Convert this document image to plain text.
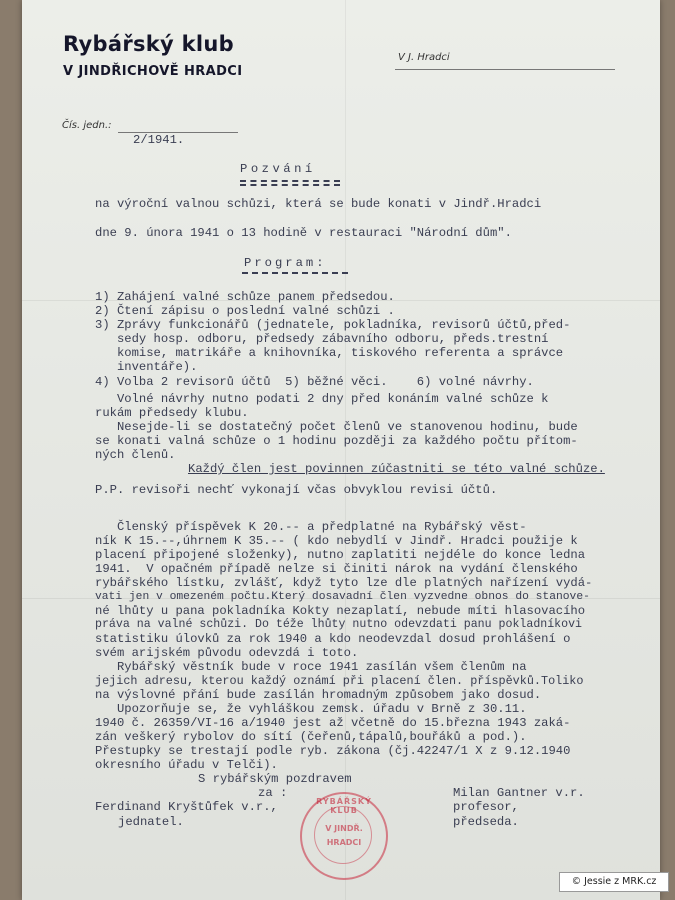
Rybářský klub
V JINDŘICHOVĚ HRADCI
V J. Hradci
Čís. jedn.:
2/1941.
Pozvání
na výroční valnou schůzi, která se bude konati v Jindř.Hradci
dne 9. února 1941 o 13 hodině v restauraci "Národní dům".
Program:
1) Zahájení valné schůze panem předsedou.
2) Čtení zápisu o poslední valné schůzi .
3) Zprávy funkcionářů (jednatele, pokladníka, revisorů účtů,před-
sedy hosp. odboru, předsedy zábavního odboru, předs.trestní
komise, matrikáře a knihovníka, tiskového referenta a správce
inventáře).
4) Volba 2 revisorů účtů  5) běžné věci.    6) volné návrhy.
Volné návrhy nutno podati 2 dny před konáním valné schůze k
rukám předsedy klubu.
Nesejde-li se dostatečný počet členů ve stanovenou hodinu, bude
se konati valná schůze o 1 hodinu později za každého počtu přítom-
ných členů.
Každý člen jest povinnen zúčastniti se této valné schůze.
P.P. revisoři nechť vykonají včas obvyklou revisi účtů.
Členský příspěvek K 20.-- a předplatné na Rybářský věst-
ník K 15.--,úhrnem K 35.-- ( kdo nebydlí v Jindř. Hradci použije k
placení připojené složenky), nutno zaplatiti nejdéle do konce ledna
1941.  V opačném případě nelze si činiti nárok na vydání členského
rybářského lístku, zvlášť, když tyto lze dle platných nařízení vydá-
vati jen v omezeném počtu.Který dosavadní člen vyzvedne obnos do stanove-
né lhůty u pana pokladníka Kokty nezaplatí, nebude míti hlasovacího
práva na valné schůzi. Do téže lhůty nutno odevzdati panu pokladníkovi
statistiku úlovků za rok 1940 a kdo neodevzdal dosud prohlášení o
svém arijském původu odevzdá i toto.
Rybářský věstník bude v roce 1941 zasílán všem členům na
jejich adresu, kterou každý oznámí při placení člen. příspěvků.Toliko
na výslovné přání bude zasílán hromadným způsobem jako dosud.
Upozorňuje se, že vyhláškou zemsk. úřadu v Brně z 30.11.
1940 č. 26359/VI-16 a/1940 jest až včetně do 15.března 1943 zaká-
zán veškerý rybolov do sítí (čeřenů,tápalů,bouřáků a pod.).
Přestupky se trestají podle ryb. zákona (čj.42247/1 X z 9.12.1940
okresního úřadu v Telči).
S rybářským pozdravem
za :
Ferdinand Kryštůfek v.r.,
jednatel.
Milan Gantner v.r.
profesor,
předseda.
RYBÁŘSKÝ KLUB
V JINDŘ.
HRADCI
© Jessie z MRK.cz
